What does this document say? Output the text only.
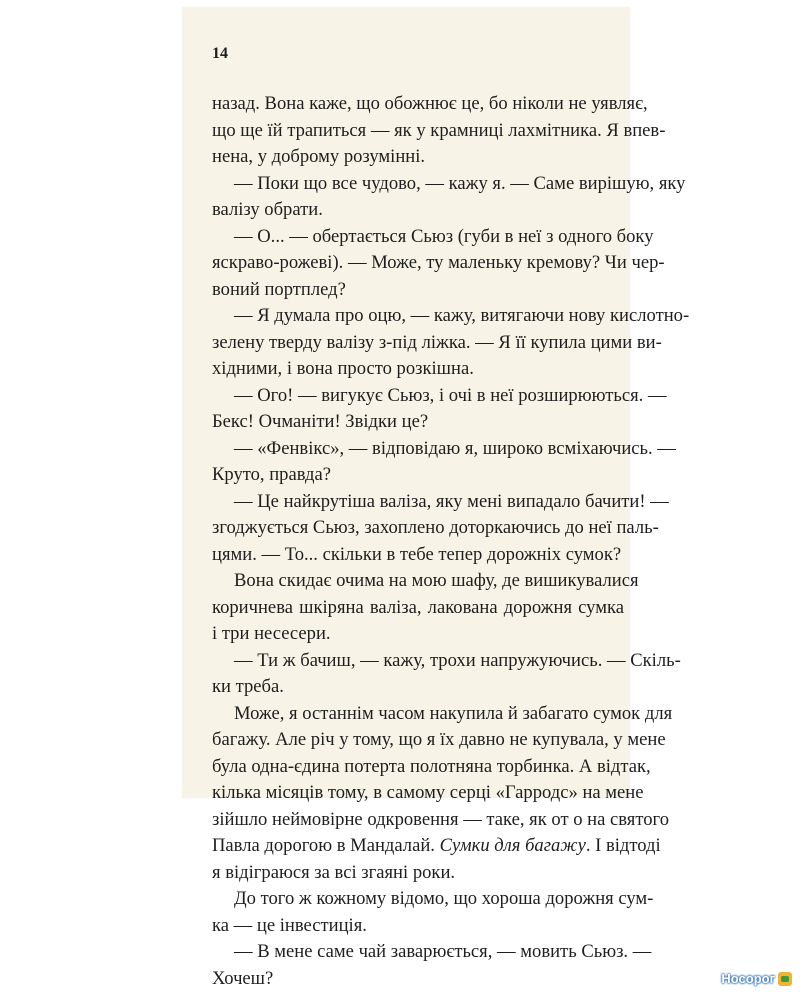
14
назад. Вона каже, що обожнює це, бо ніколи не уявляє,
що ще їй трапиться — як у крамниці лахмітника. Я впев-
нена, у доброму розумінні.
— Поки що все чудово, — кажу я. — Саме вирішую, яку
валізу обрати.
— О... — обертається Сьюз (губи в неї з одного боку
яскраво-рожеві). — Може, ту маленьку кремову? Чи чер-
воний портплед?
— Я думала про оцю, — кажу, витягаючи нову кислотно-
зелену тверду валізу з-під ліжка. — Я її купила цими ви-
хідними, і вона просто розкішна.
— Ого! — вигукує Сьюз, і очі в неї розширюються. —
Бекс! Очманіти! Звідки це?
— «Фенвікс», — відповідаю я, широко всміхаючись. —
Круто, правда?
— Це найкрутіша валіза, яку мені випадало бачити! —
згоджується Сьюз, захоплено доторкаючись до неї паль-
цями. — То... скільки в тебе тепер дорожніх сумок?
Вона скидає очима на мою шафу, де вишикувалися
коричнева шкіряна валіза, лакована дорожня сумка
і три несесери.
— Ти ж бачиш, — кажу, трохи напружуючись. — Скіль-
ки треба.
Може, я останнім часом накупила й забагато сумок для
багажу. Але річ у тому, що я їх давно не купувала, у мене
була одна-єдина потерта полотняна торбинка. А відтак,
кілька місяців тому, в самому серці «Гарродс» на мене
зійшло неймовірне одкровення — таке, як от о на святого
Павла дорогою в Мандалай. Сумки для багажу. І відтоді
я відіграюся за всі згаяні роки.
До того ж кожному відомо, що хороша дорожня сум-
ка — це інвестиція.
— В мене саме чай заварюється, — мовить Сьюз. —
Хочеш?	Носорог
